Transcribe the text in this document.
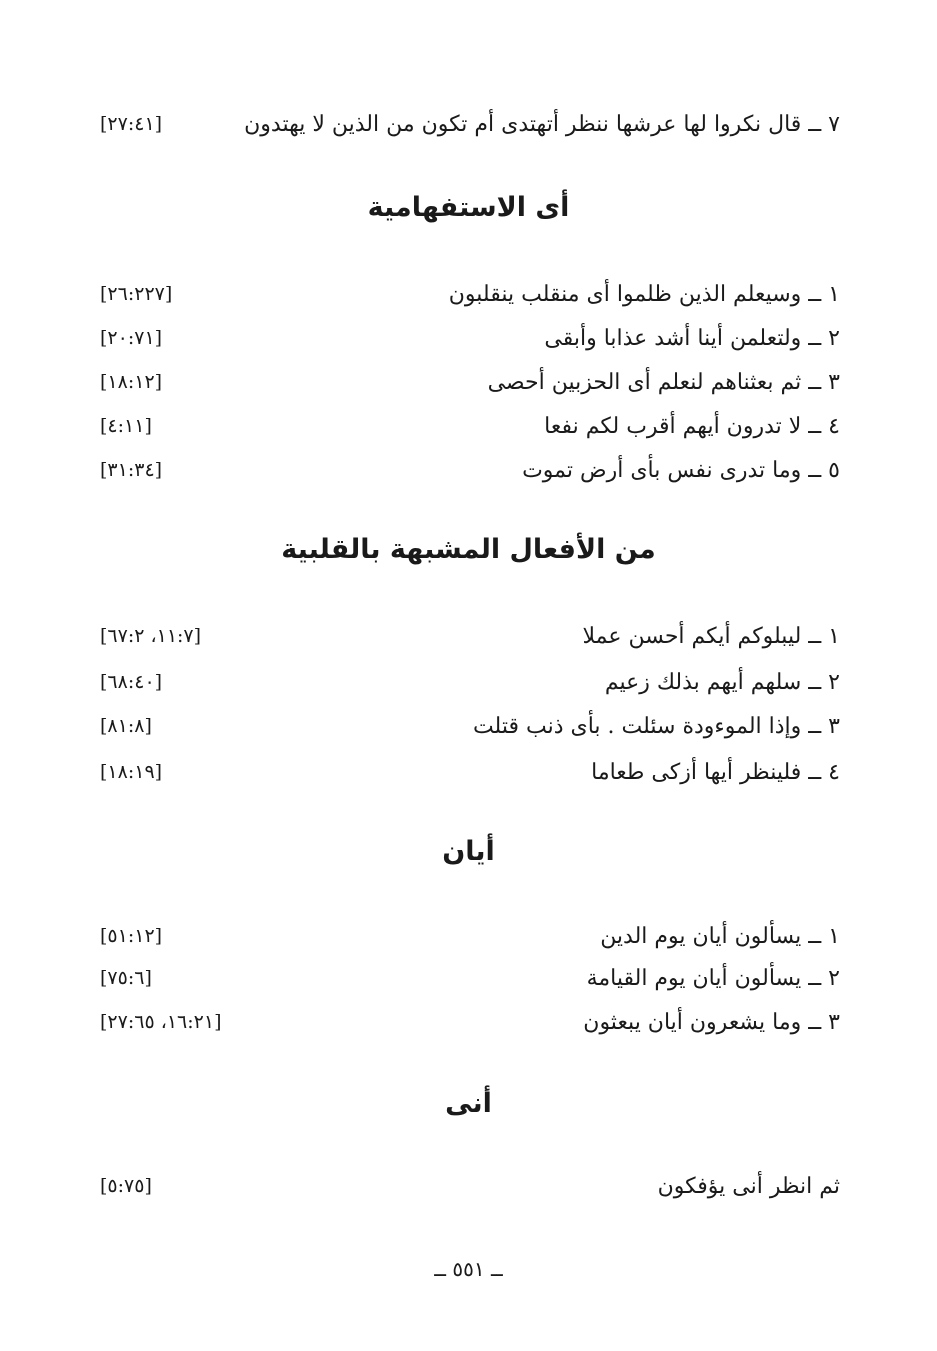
٧ ــ قال نكروا لها عرشها ننظر أتهتدى أم تكون من الذين لا يهتدون
[٢٧:٤١]
أى الاستفهامية
١ ــ وسيعلم الذين ظلموا أى منقلب ينقلبون
[٢٦:٢٢٧]
٢ ــ ولتعلمن أينا أشد عذابا وأبقى
[٢٠:٧١]
٣ ــ ثم بعثناهم لنعلم أى الحزبين أحصى
[١٨:١٢]
٤ ــ لا تدرون أيهم أقرب لكم نفعا
[٤:١١]
٥ ــ وما تدرى نفس بأى أرض تموت
[٣١:٣٤]
من الأفعال المشبهة بالقلبية
١ ــ ليبلوكم أيكم أحسن عملا
[١١:٧، ٦٧:٢]
٢ ــ سلهم أيهم بذلك زعيم
[٦٨:٤٠]
٣ ــ وإذا الموءودة سئلت . بأى ذنب قتلت
[٨١:٨]
٤ ــ فلينظر أيها أزكى طعاما
[١٨:١٩]
أيان
١ ــ يسألون أيان يوم الدين
[٥١:١٢]
٢ ــ يسألون أيان يوم القيامة
[٧٥:٦]
٣ ــ وما يشعرون أيان يبعثون
[١٦:٢١، ٢٧:٦٥]
أنى
ثم انظر أنى يؤفكون
[٥:٧٥]
ــ ٥٥١ ــ
